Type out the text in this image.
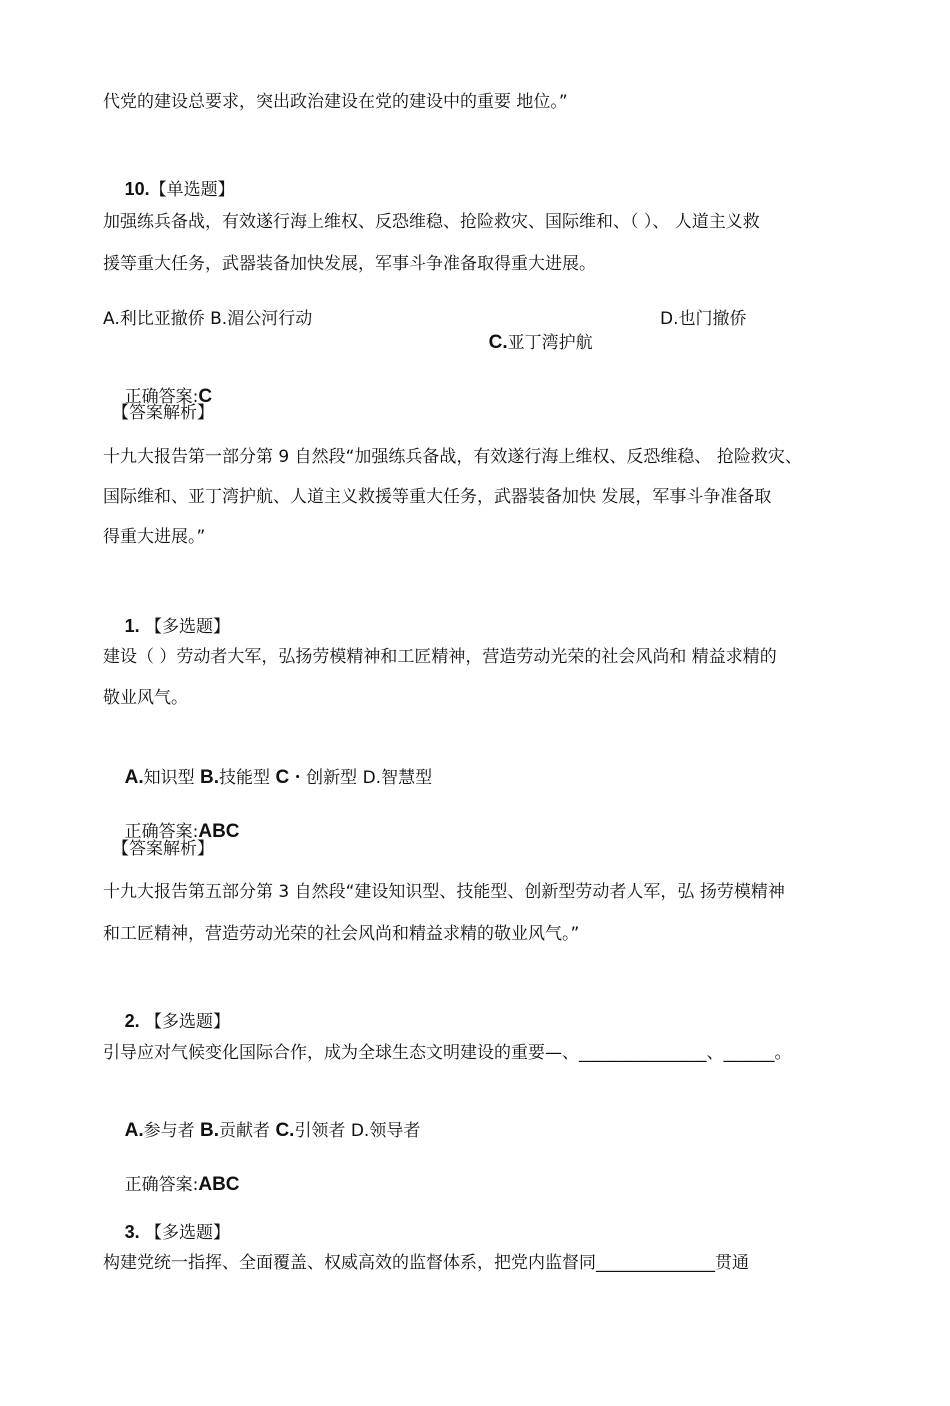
代党的建设总要求，突出政治建设在党的建设中的重要 地位。”

10.【单选题】

加强练兵备战，有效遂行海上维权、反恐维稳、抢险救灾、国际维和、（ ）、 人道主义救
援等重大任务，武器装备加快发展，军事斗争准备取得重大进展。
A.利比亚撤侨 B.湄公河行动

C.亚丁湾护航

D.也门撤侨

正确答案:C

【答案解析】
十九大报告第一部分第 9 自然段“加强练兵备战，有效遂行海上维权、反恐维稳、 抢险救灾、
国际维和、亚丁湾护航、人道主义救援等重大任务，武器装备加快 发展，军事斗争准备取
得重大进展。”

1. 【多选题】

建设（ ）劳动者大军，弘扬劳模精神和工匠精神，营造劳动光荣的社会风尚和 精益求精的
敬业风气。

A.知识型 B.技能型 C・创新型 D.智慧型

正确答案:ABC

【答案解析】
十九大报告第五部分第 3 自然段“建设知识型、技能型、创新型劳动者人军，弘 扬劳模精神
和工匠精神，营造劳动光荣的社会风尚和精益求精的敬业风气。”

2. 【多选题】

引导应对气候变化国际合作，成为全球生态文明建设的重要—、_______________、______。

A.参与者 B.贡献者 C.引领者 D.领导者

正确答案:ABC

3. 【多选题】

构建党统一指挥、全面覆盖、权威高效的监督体系，把党内监督同______________贯通
